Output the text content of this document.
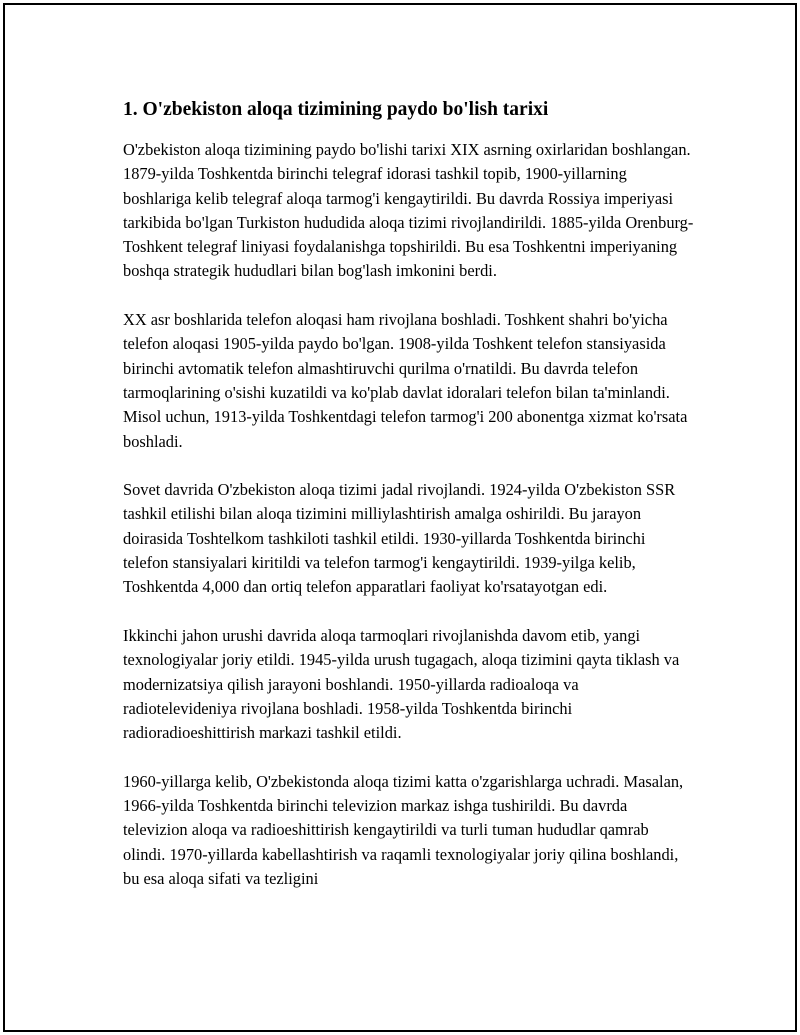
1. O'zbekiston aloqa tizimining paydo bo'lish tarixi

O'zbekiston aloqa tizimining paydo bo'lishi tarixi XIX asrning oxirlaridan boshlangan. 1879-yilda Toshkentda birinchi telegraf idorasi tashkil topib, 1900-yillarning boshlariga kelib telegraf aloqa tarmog'i kengaytirildi. Bu davrda Rossiya imperiyasi tarkibida bo'lgan Turkiston hududida aloqa tizimi rivojlandirildi. 1885-yilda Orenburg-Toshkent telegraf liniyasi foydalanishga topshirildi. Bu esa Toshkentni imperiyaning boshqa strategik hududlari bilan bog'lash imkonini berdi.

XX asr boshlarida telefon aloqasi ham rivojlana boshladi. Toshkent shahri bo'yicha telefon aloqasi 1905-yilda paydo bo'lgan. 1908-yilda Toshkent telefon stansiyasida birinchi avtomatik telefon almashtiruvchi qurilma o'rnatildi. Bu davrda telefon tarmoqlarining o'sishi kuzatildi va ko'plab davlat idoralari telefon bilan ta'minlandi. Misol uchun, 1913-yilda Toshkentdagi telefon tarmog'i 200 abonentga xizmat ko'rsata boshladi.

Sovet davrida O'zbekiston aloqa tizimi jadal rivojlandi. 1924-yilda O'zbekiston SSR tashkil etilishi bilan aloqa tizimini milliylashtirish amalga oshirildi. Bu jarayon doirasida Toshtelkom tashkiloti tashkil etildi. 1930-yillarda Toshkentda birinchi telefon stansiyalari kiritildi va telefon tarmog'i kengaytirildi. 1939-yilga kelib, Toshkentda 4,000 dan ortiq telefon apparatlari faoliyat ko'rsatayotgan edi.

Ikkinchi jahon urushi davrida aloqa tarmoqlari rivojlanishda davom etib, yangi texnologiyalar joriy etildi. 1945-yilda urush tugagach, aloqa tizimini qayta tiklash va modernizatsiya qilish jarayoni boshlandi. 1950-yillarda radioaloqa va radiotelevideniya rivojlana boshladi. 1958-yilda Toshkentda birinchi radioradioeshittirish markazi tashkil etildi.

1960-yillarga kelib, O'zbekistonda aloqa tizimi katta o'zgarishlarga uchradi. Masalan, 1966-yilda Toshkentda birinchi televizion markaz ishga tushirildi. Bu davrda televizion aloqa va radioeshittirish kengaytirildi va turli tuman hududlar qamrab olindi. 1970-yillarda kabellashtirish va raqamli texnologiyalar joriy qilina boshlandi, bu esa aloqa sifati va tezligini
